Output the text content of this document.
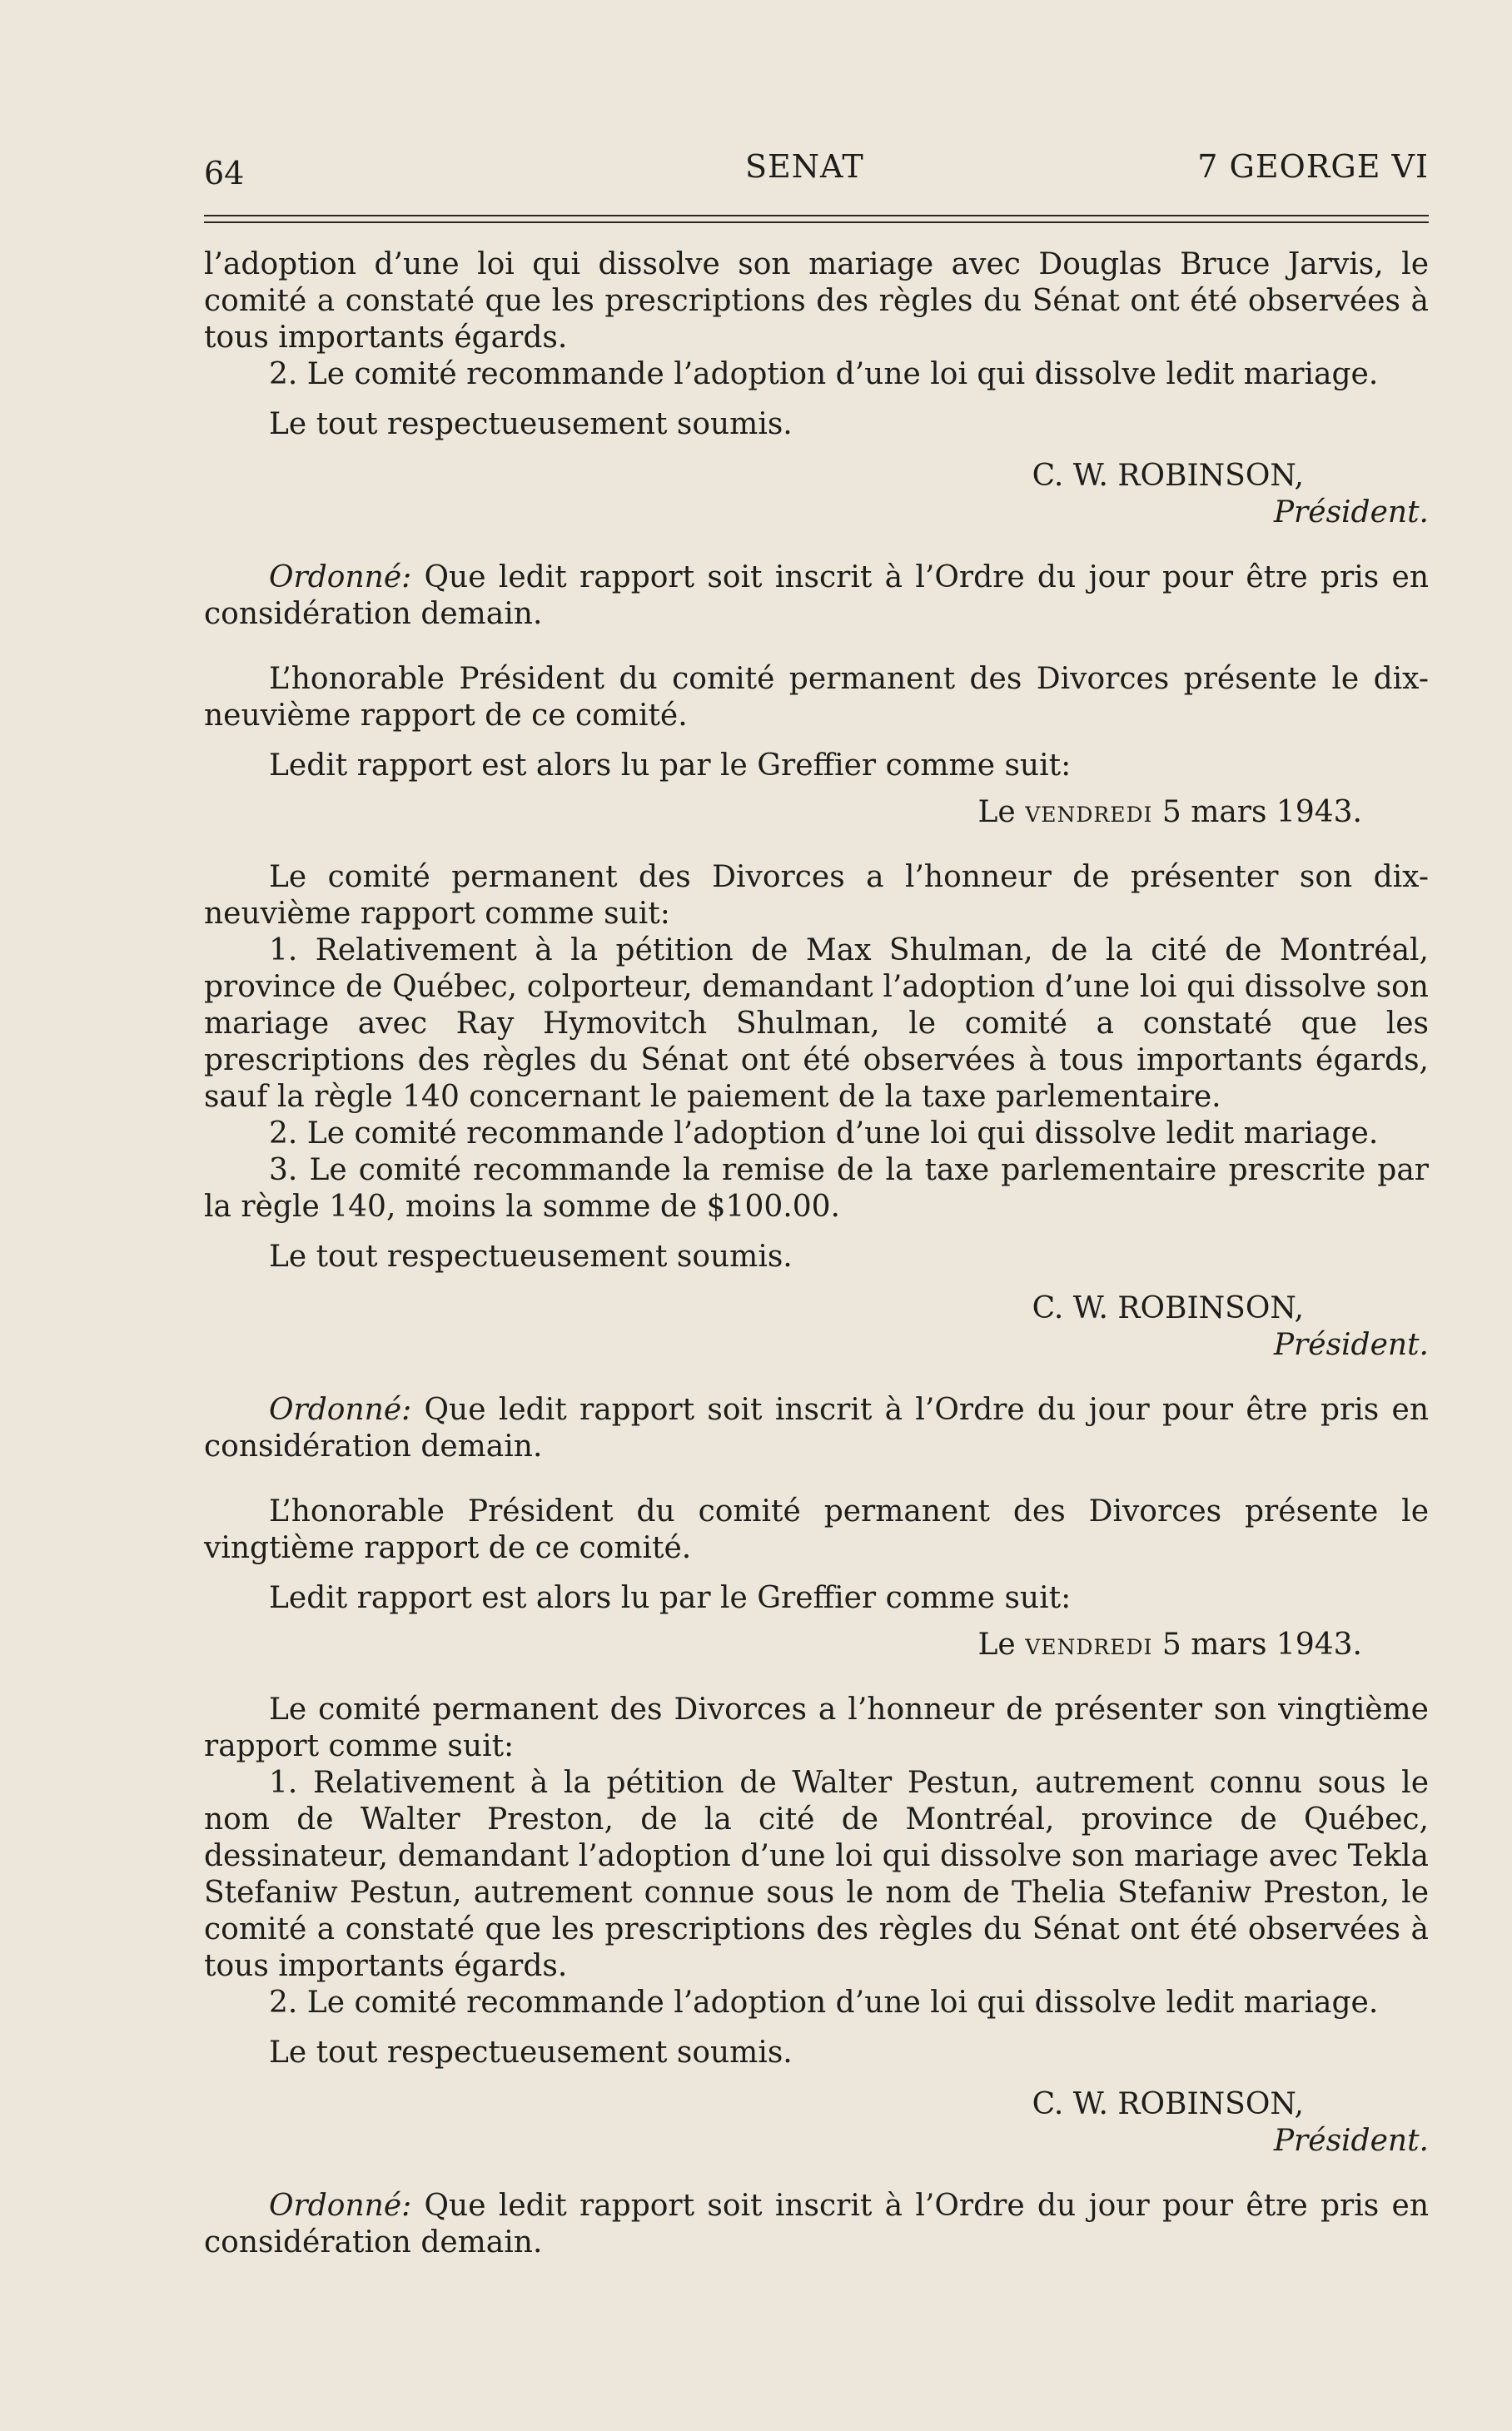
64	SENAT	7 GEORGE VI

l’adoption d’une loi qui dissolve son mariage avec Douglas Bruce Jarvis, le comité a constaté que les prescriptions des règles du Sénat ont été observées à tous importants égards.

2. Le comité recommande l’adoption d’une loi qui dissolve ledit mariage.

Le tout respectueusement soumis.

C. W. ROBINSON,

Président.

Ordonné: Que ledit rapport soit inscrit à l’Ordre du jour pour être pris en considération demain.

L’honorable Président du comité permanent des Divorces présente le dix-neuvième rapport de ce comité.

Ledit rapport est alors lu par le Greffier comme suit:

Le vendredi 5 mars 1943.

Le comité permanent des Divorces a l’honneur de présenter son dix-neuvième rapport comme suit:

1. Relativement à la pétition de Max Shulman, de la cité de Montréal, province de Québec, colporteur, demandant l’adoption d’une loi qui dissolve son mariage avec Ray Hymovitch Shulman, le comité a constaté que les prescriptions des règles du Sénat ont été observées à tous importants égards, sauf la règle 140 concernant le paiement de la taxe parlementaire.

2. Le comité recommande l’adoption d’une loi qui dissolve ledit mariage.

3. Le comité recommande la remise de la taxe parlementaire prescrite par la règle 140, moins la somme de $100.00.

Le tout respectueusement soumis.

C. W. ROBINSON,

Président.

Ordonné: Que ledit rapport soit inscrit à l’Ordre du jour pour être pris en considération demain.

L’honorable Président du comité permanent des Divorces présente le vingtième rapport de ce comité.

Ledit rapport est alors lu par le Greffier comme suit:

Le vendredi 5 mars 1943.

Le comité permanent des Divorces a l’honneur de présenter son vingtième rapport comme suit:

1. Relativement à la pétition de Walter Pestun, autrement connu sous le nom de Walter Preston, de la cité de Montréal, province de Québec, dessinateur, demandant l’adoption d’une loi qui dissolve son mariage avec Tekla Stefaniw Pestun, autrement connue sous le nom de Thelia Stefaniw Preston, le comité a constaté que les prescriptions des règles du Sénat ont été observées à tous importants égards.

2. Le comité recommande l’adoption d’une loi qui dissolve ledit mariage.

Le tout respectueusement soumis.

C. W. ROBINSON,

Président.

Ordonné: Que ledit rapport soit inscrit à l’Ordre du jour pour être pris en considération demain.
